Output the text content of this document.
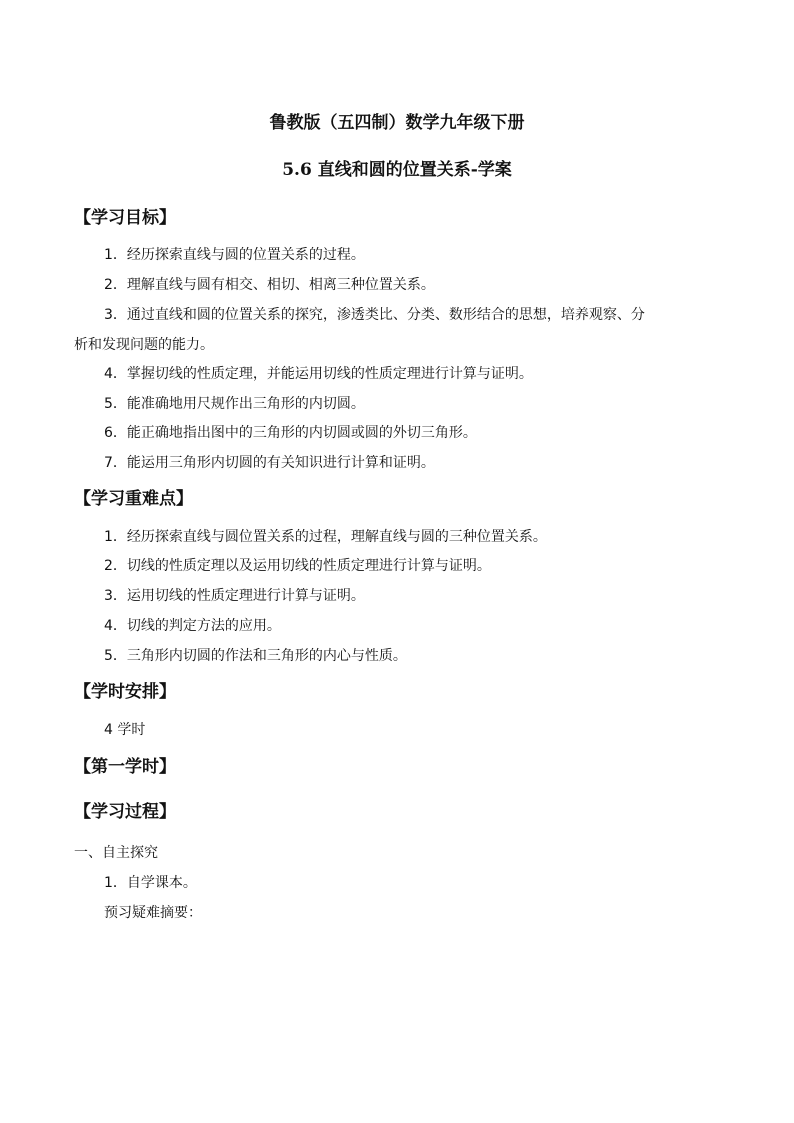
鲁教版（五四制）数学九年级下册
5.6 直线和圆的位置关系-学案
【学习目标】
1．经历探索直线与圆的位置关系的过程。
2．理解直线与圆有相交、相切、相离三种位置关系。
3．通过直线和圆的位置关系的探究，渗透类比、分类、数形结合的思想，培养观察、分
析和发现问题的能力。
4．掌握切线的性质定理，并能运用切线的性质定理进行计算与证明。
5．能准确地用尺规作出三角形的内切圆。
6．能正确地指出图中的三角形的内切圆或圆的外切三角形。
7．能运用三角形内切圆的有关知识进行计算和证明。
【学习重难点】
1．经历探索直线与圆位置关系的过程，理解直线与圆的三种位置关系。
2．切线的性质定理以及运用切线的性质定理进行计算与证明。
3．运用切线的性质定理进行计算与证明。
4．切线的判定方法的应用。
5．三角形内切圆的作法和三角形的内心与性质。
【学时安排】
4 学时
【第一学时】
【学习过程】
一、自主探究
1．自学课本。
预习疑难摘要：
